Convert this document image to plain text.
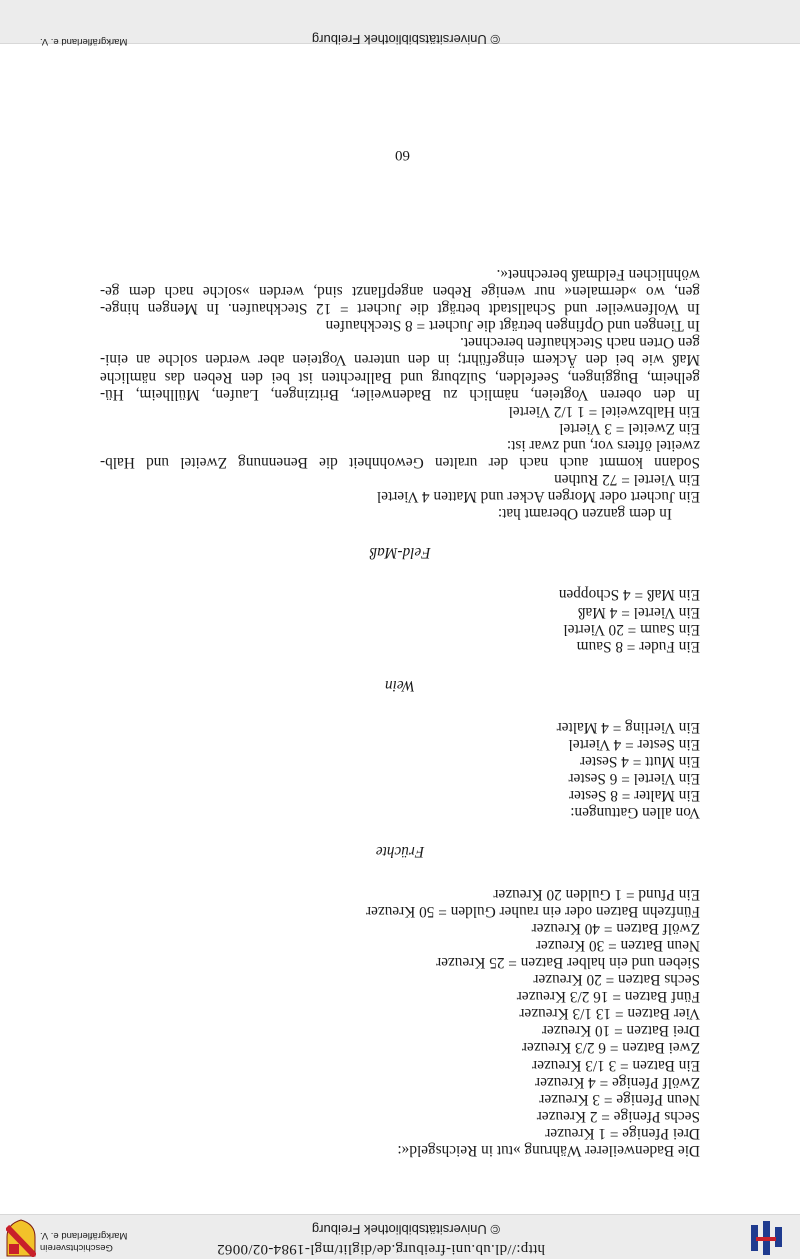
http://dl.ub.uni-freiburg.de/diglit/mgl-1984-02/0062
© Universitätsbibliothek Freiburg
Geschichtsverein
Markgräflerland e. V.
Die Badenweilerer Währung »tut in Reichsgeld«:
Drei Pfenige = 1 Kreuzer
Sechs Pfenige = 2 Kreuzer
Neun Pfenige = 3 Kreuzer
Zwölf Pfenige = 4 Kreuzer
Ein Batzen = 3 1/3 Kreuzer
Zwei Batzen = 6 2/3 Kreuzer
Drei Batzen = 10 Kreuzer
Vier Batzen = 13 1/3 Kreuzer
Fünf Batzen = 16 2/3 Kreuzer
Sechs Batzen = 20 Kreuzer
Sieben und ein halber Batzen = 25 Kreuzer
Neun Batzen = 30 Kreuzer
Zwölf Batzen = 40 Kreuzer
Fünfzehn Batzen oder ein rauher Gulden = 50 Kreuzer
Ein Pfund = 1 Gulden 20 Kreuzer
Früchte
Von allen Gattungen:
Ein Malter = 8 Sester
Ein Viertel = 6 Sester
Ein Mutt = 4 Sester
Ein Sester = 4 Viertel
Ein Vierling = 4 Malter
Wein
Ein Fuder = 8 Saum
Ein Saum = 20 Viertel
Ein Viertel = 4 Maß
Ein Maß = 4 Schoppen
Feld-Maß
In dem ganzen Oberamt hat:
Ein Juchert oder Morgen Acker und Matten 4 Viertel
Ein Viertel = 72 Ruthen
Sodann kommt auch nach der uralten Gewohnheit die Benennung Zweitel und Halb-
zweitel öfters vor, und zwar ist:
Ein Zweitel = 3 Viertel
Ein Halbzweitel = 1 1/2 Viertel
In den oberen Vogteien, nämlich zu Badenweiler, Britzingen, Laufen, Müllheim, Hü-
gelheim, Buggingen, Seefelden, Sulzburg und Ballrechten ist bei den Reben das nämliche
Maß wie bei den Äckern eingeführt; in den unteren Vogteien aber werden solche an eini-
gen Orten nach Steckhaufen berechnet.
In Tiengen und Opfingen beträgt die Juchert = 8 Steckhaufen
In Wolfenweiler und Schallstadt beträgt die Juchert = 12 Steckhaufen. In Mengen hinge-
gen, wo »dermalen« nur wenige Reben angepflanzt sind, werden »solche nach dem ge-
wöhnlichen Feldmaß berechnet«.
60
© Universitätsbibliothek Freiburg
Markgräflerland e. V.
